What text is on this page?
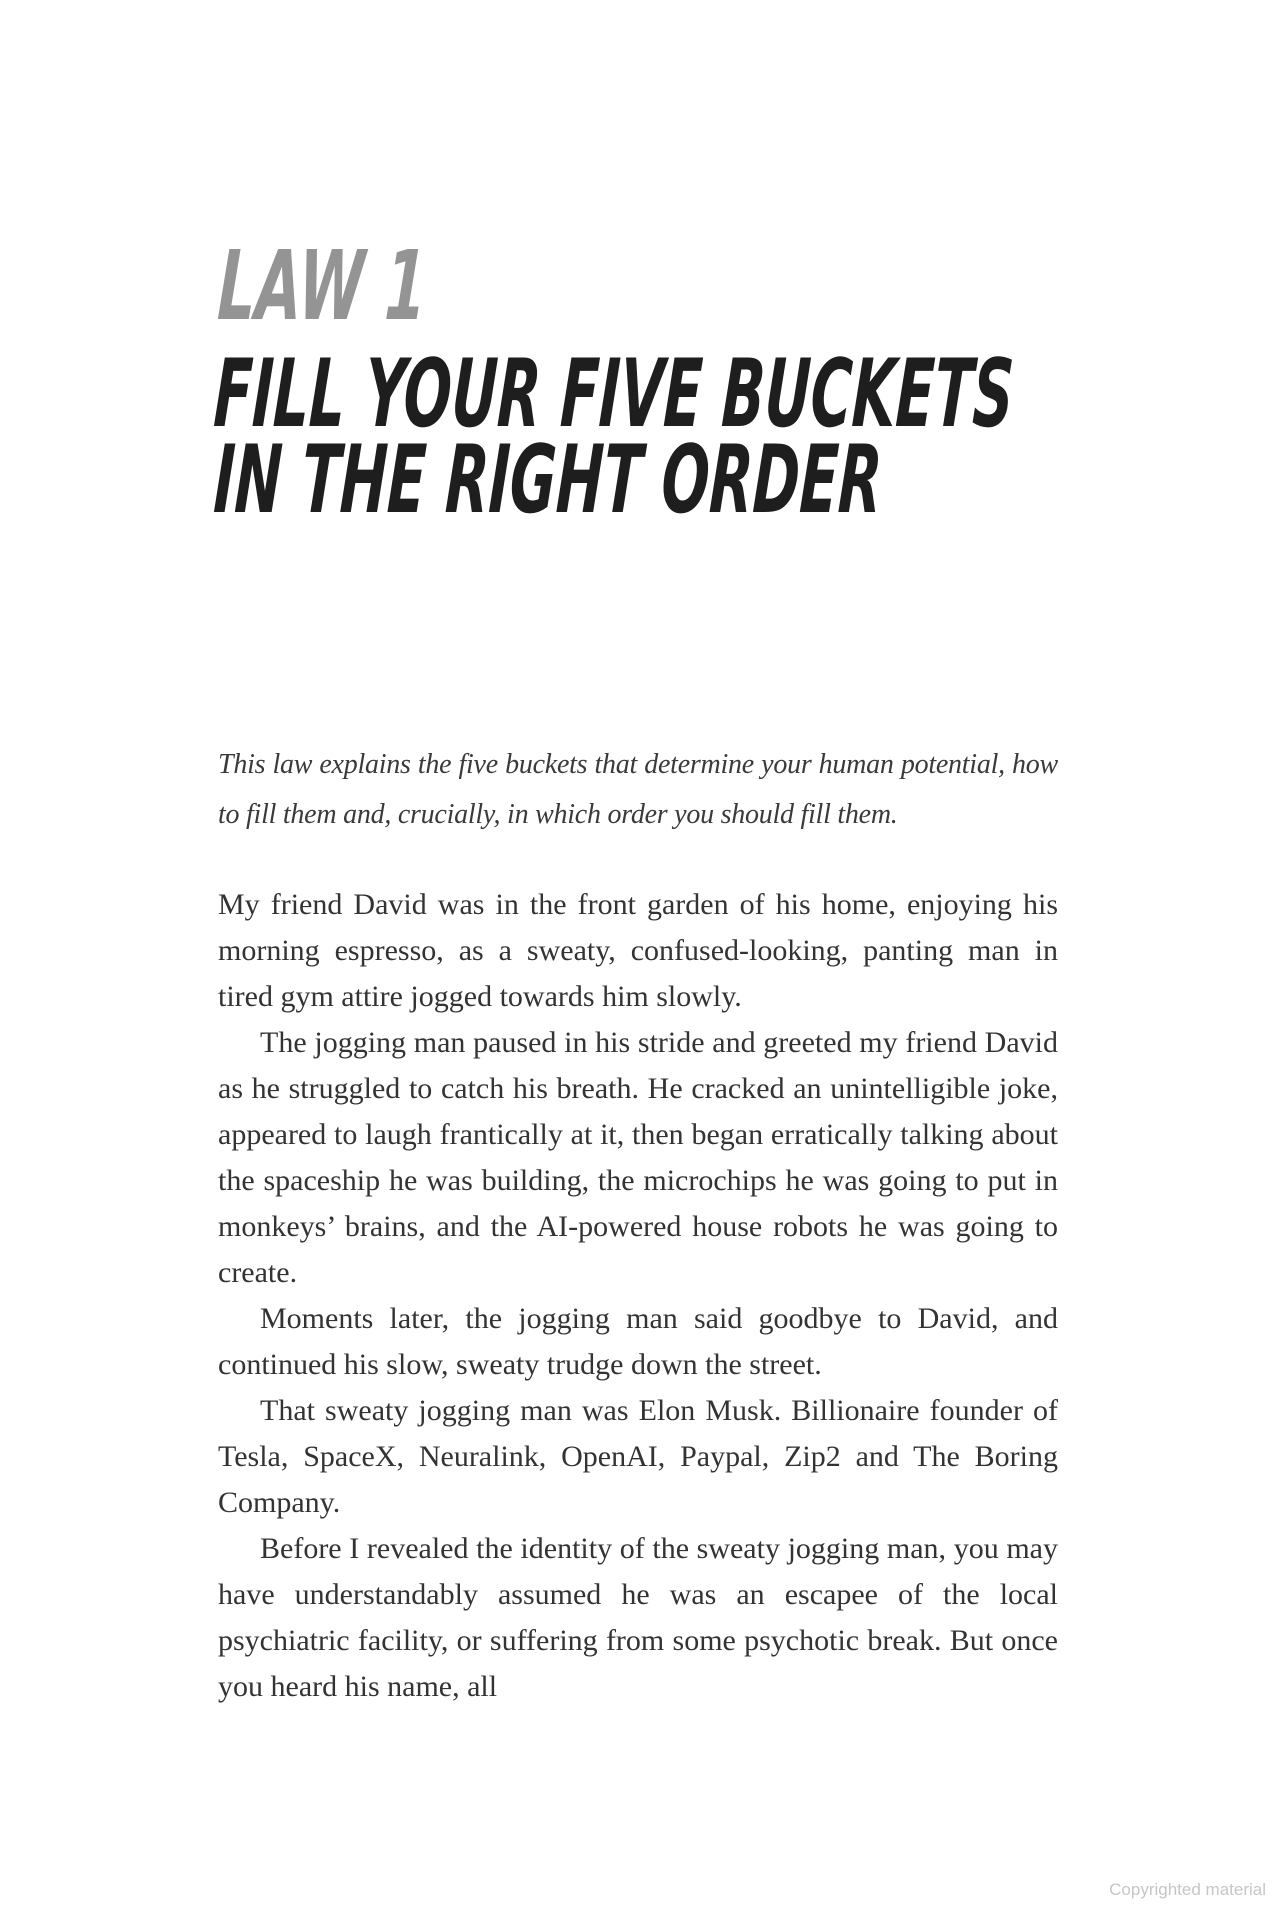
LAW 1
FILL YOUR FIVE BUCKETS
IN THE RIGHT ORDER
This law explains the five buckets that determine your human potential, how to fill them and, crucially, in which order you should fill them.
My friend David was in the front garden of his home, enjoying his morning espresso, as a sweaty, confused-looking, panting man in tired gym attire jogged towards him slowly.
The jogging man paused in his stride and greeted my friend David as he struggled to catch his breath. He cracked an unintelligible joke, appeared to laugh frantically at it, then began erratically talking about the spaceship he was building, the microchips he was going to put in monkeys’ brains, and the AI-powered house robots he was going to create.
Moments later, the jogging man said goodbye to David, and continued his slow, sweaty trudge down the street.
That sweaty jogging man was Elon Musk. Billionaire founder of Tesla, SpaceX, Neuralink, OpenAI, Paypal, Zip2 and The Boring Company.
Before I revealed the identity of the sweaty jogging man, you may have understandably assumed he was an escapee of the local psychiatric facility, or suffering from some psychotic break. But once you heard his name, all
Copyrighted material
